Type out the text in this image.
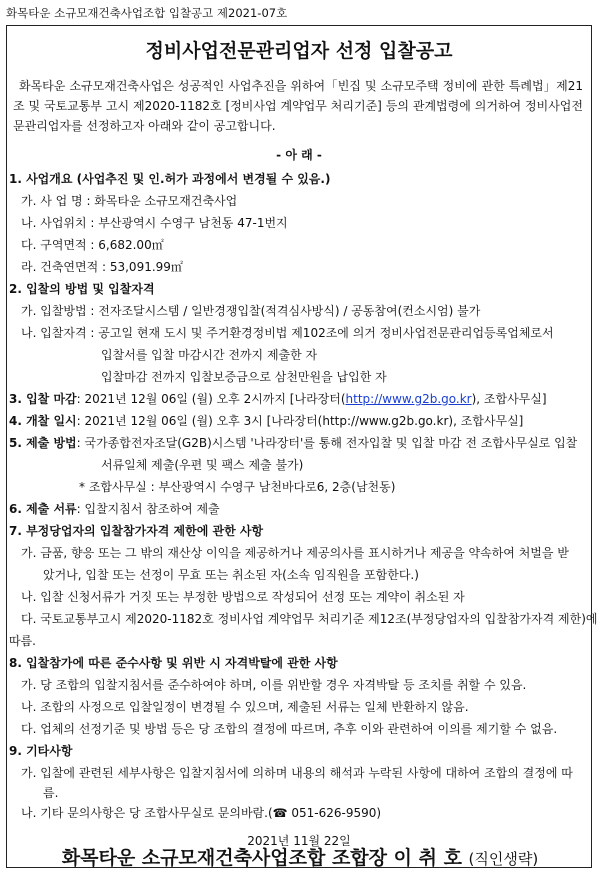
화목타운 소규모재건축사업조합 입찰공고 제2021-07호
정비사업전문관리업자 선정 입찰공고
화목타운 소규모재건축사업은 성공적인 사업추진을 위하여「빈집 및 소규모주택 정비에 관한 특례법」제21조 및 국토교통부 고시 제2020-1182호 [정비사업 계약업무 처리기준] 등의 관계법령에 의거하여 정비사업전문관리업자를 선정하고자 아래와 같이 공고합니다.
- 아 래 -
1. 사업개요 (사업추진 및 인.허가 과정에서 변경될 수 있음.)
가. 사 업 명 : 화목타운 소규모재건축사업
나. 사업위치 : 부산광역시 수영구 남천동 47-1번지
다. 구역면적 : 6,682.00㎡
라. 건축연면적 : 53,091.99㎡
2. 입찰의 방법 및 입찰자격
가. 입찰방법 : 전자조달시스템 / 일반경쟁입찰(적격심사방식) / 공동참여(컨소시엄) 불가
나. 입찰자격 : 공고일 현재 도시 및 주거환경정비법 제102조에 의거 정비사업전문관리업등록업체로서
입찰서를 입찰 마감시간 전까지 제출한 자
입찰마감 전까지 입찰보증금으로 삼천만원을 납입한 자
3. 입찰 마감: 2021년 12월 06일 (월) 오후 2시까지 [나라장터(http://www.g2b.go.kr), 조합사무실]
4. 개찰 일시: 2021년 12월 06일 (월) 오후 3시 [나라장터(http://www.g2b.go.kr), 조합사무실]
5. 제출 방법: 국가종합전자조달(G2B)시스템 '나라장터'를 통해 전자입찰 및 입찰 마감 전 조합사무실로 입찰
서류일체 제출(우편 및 팩스 제출 불가)
* 조합사무실 : 부산광역시 수영구 남천바다로6, 2층(남천동)
6. 제출 서류: 입찰지침서 참조하여 제출
7. 부정당업자의 입찰참가자격 제한에 관한 사항
가. 금품, 향응 또는 그 밖의 재산상 이익을 제공하거나 제공의사를 표시하거나 제공을 약속하여 처벌을 받
았거나, 입찰 또는 선정이 무효 또는 취소된 자(소속 임직원을 포함한다.)
나. 입찰 신청서류가 거짓 또는 부정한 방법으로 작성되어 선정 또는 계약이 취소된 자
다. 국토교통부고시 제2020-1182호 정비사업 계약업무 처리기준 제12조(부정당업자의 입찰참가자격 제한)에
따름.
8. 입찰참가에 따른 준수사항 및 위반 시 자격박탈에 관한 사항
가. 당 조합의 입찰지침서를 준수하여야 하며, 이를 위반할 경우 자격박탈 등 조치를 취할 수 있음.
나. 조합의 사정으로 입찰일정이 변경될 수 있으며, 제출된 서류는 일체 반환하지 않음.
다. 업체의 선정기준 및 방법 등은 당 조합의 결정에 따르며, 추후 이와 관련하여 이의를 제기할 수 없음.
9. 기타사항
가. 입찰에 관련된 세부사항은 입찰지침서에 의하며 내용의 해석과 누락된 사항에 대하여 조합의 결정에 따
름.
나. 기타 문의사항은 당 조합사무실로 문의바람.(☎ 051-626-9590)
2021년 11월 22일
화목타운 소규모재건축사업조합 조합장 이 취 호 (직인생략)
